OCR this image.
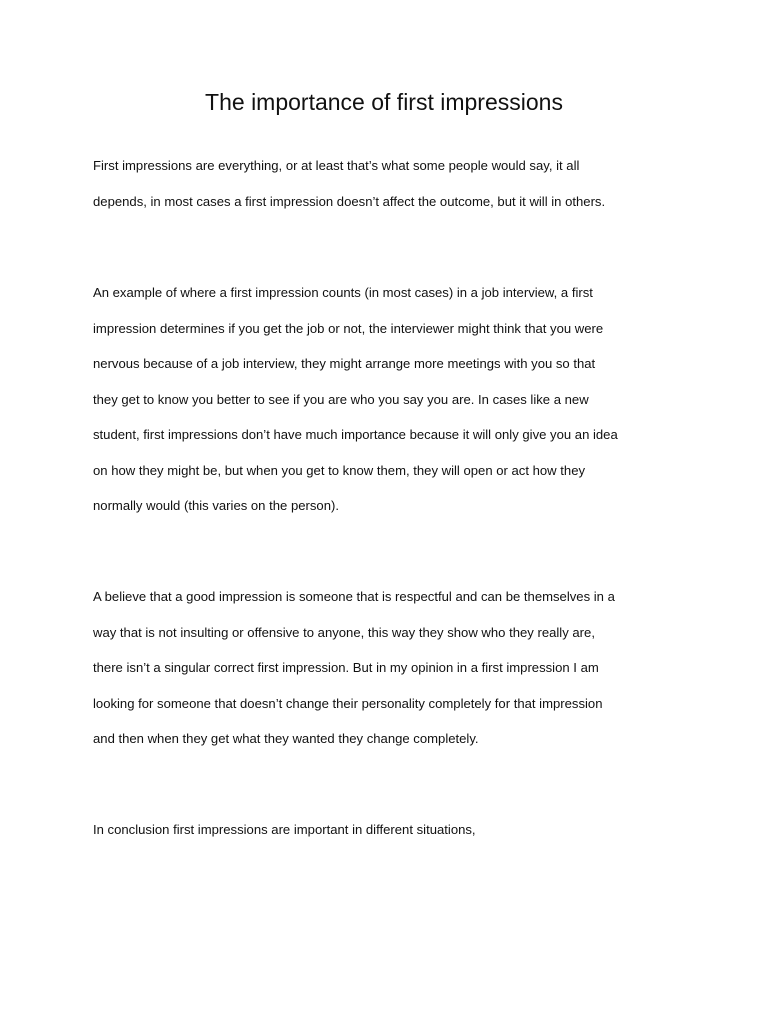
The importance of first impressions

First impressions are everything, or at least that’s what some people would say, it all
depends, in most cases a first impression doesn’t affect the outcome, but it will in others.

An example of where a first impression counts (in most cases) in a job interview, a first
impression determines if you get the job or not, the interviewer might think that you were
nervous because of a job interview, they might arrange more meetings with you so that
they get to know you better to see if you are who you say you are. In cases like a new
student, first impressions don’t have much importance because it will only give you an idea
on how they might be, but when you get to know them, they will open or act how they
normally would (this varies on the person).

A believe that a good impression is someone that is respectful and can be themselves in a
way that is not insulting or offensive to anyone, this way they show who they really are,
there isn’t a singular correct first impression. But in my opinion in a first impression I am
looking for someone that doesn’t change their personality completely for that impression
and then when they get what they wanted they change completely.

In conclusion first impressions are important in different situations,
